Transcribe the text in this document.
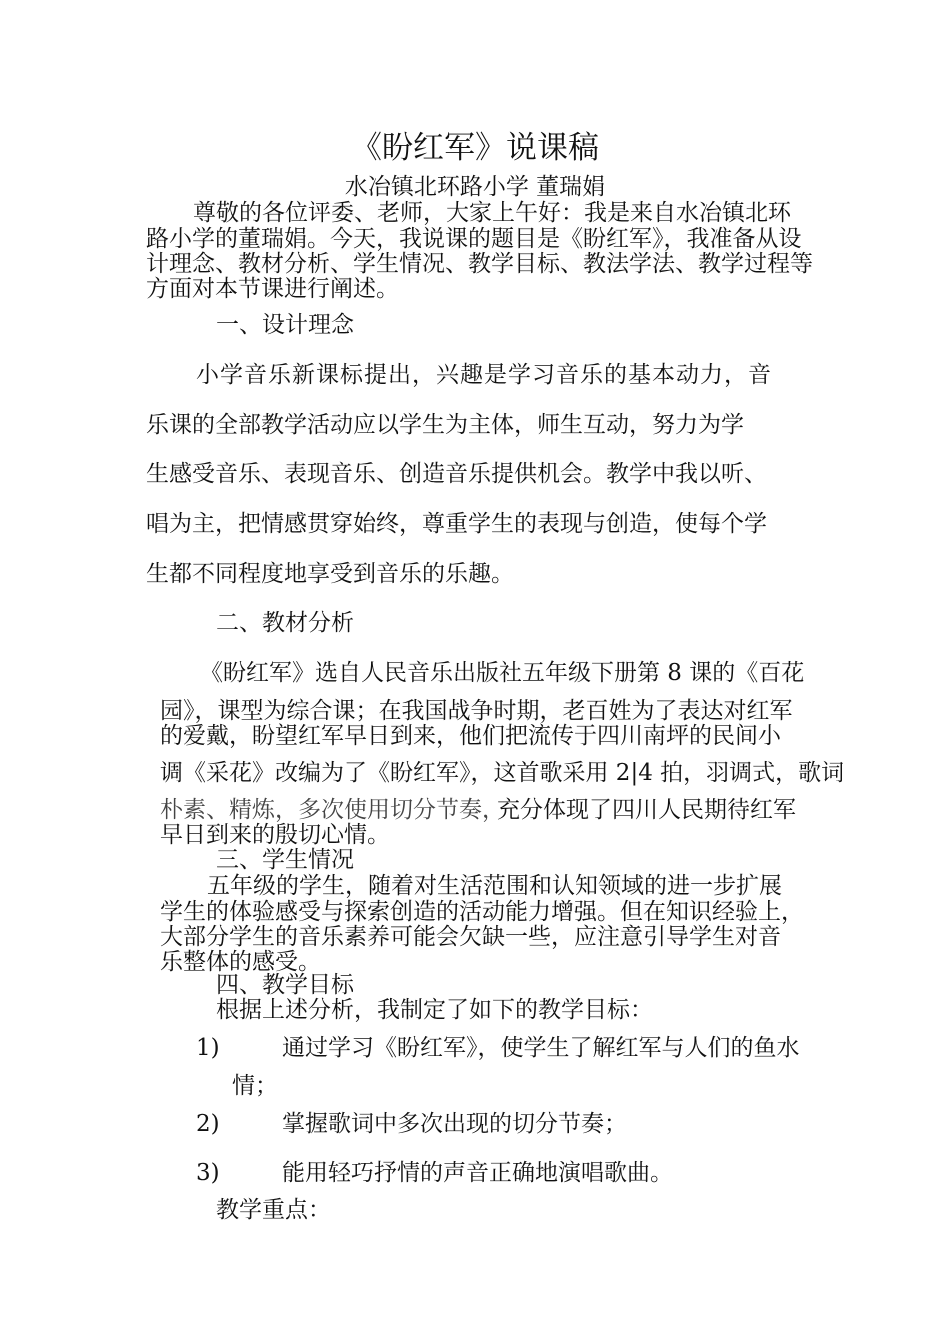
《盼红军》说课稿

水冶镇北环路小学 董瑞娟

尊敬的各位评委、老师，大家上午好：我是来自水冶镇北环

路小学的董瑞娟。今天，我说课的题目是《盼红军》，我准备从设

计理念、教材分析、学生情况、教学目标、教法学法、教学过程等

方面对本节课进行阐述。

一、设计理念

小学音乐新课标提出，兴趣是学习音乐的基本动力，音

乐课的全部教学活动应以学生为主体，师生互动，努力为学

生感受音乐、表现音乐、创造音乐提供机会。教学中我以听、

唱为主，把情感贯穿始终，尊重学生的表现与创造，使每个学

生都不同程度地享受到音乐的乐趣。

二、教材分析

《盼红军》选自人民音乐出版社五年级下册第 8 课的《百花

园》，课型为综合课；在我国战争时期，老百姓为了表达对红军

的爱戴，盼望红军早日到来，他们把流传于四川南坪的民间小

调《采花》改编为了《盼红军》，这首歌采用 2|4 拍，羽调式，歌词

朴素、精炼，多次使用切分节奏，

充分体现了四川人民期待红军

早日到来的殷切心情。

三、学生情况

五年级的学生，随着对生活范围和认知领域的进一步扩展

学生的体验感受与探索创造的活动能力增强。但在知识经验上，

大部分学生的音乐素养可能会欠缺一些，应注意引导学生对音

乐整体的感受。

四、教学目标

根据上述分析，我制定了如下的教学目标：

1)	通过学习《盼红军》，使学生了解红军与人们的鱼水

情；

2)	掌握歌词中多次出现的切分节奏；

3)	能用轻巧抒情的声音正确地演唱歌曲。

教学重点：
